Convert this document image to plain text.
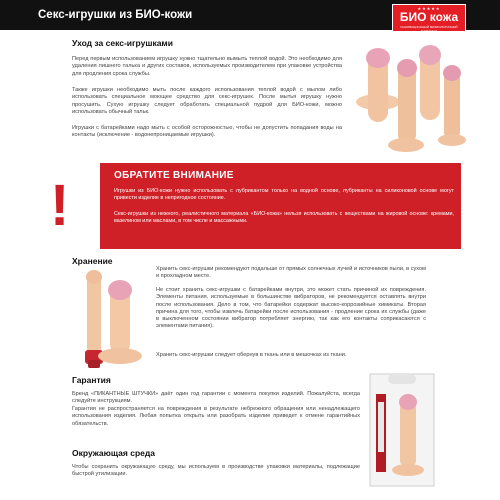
Секс-игрушки из БИО-кожи
★★★★★
БИО кожа
ИННОВАЦИОННЫЙ ФИЗИОЛОГИЧНЫЙ МАТЕРИАЛ
Уход за секс-игрушками
Перед первым использованием игрушку нужно тщательно вымыть теплой водой. Это необходимо для удаления лишнего талька и других составов, используемых производителем при упаковке устройства для продления срока службы.
Также игрушки необходимо мыть после каждого использования теплой водой с мылом либо использовать специальное моющее средство для секс-игрушек. После мытья игрушку нужно просушить. Сухую игрушку следует обработать специальной пудрой для БИО-кожи, можно использовать обычный тальк.
Игрушки с батарейками надо мыть с особой осторожностью, чтобы не допустить попадания воды на контакты (исключение - водонепроницаемые игрушки).
!	ОБРАТИТЕ ВНИМАНИЕ
Игрушки из БИО-кожи нужно использовать с лубрикантом только на водной основе, лубриканты на силиконовой основе могут привести изделие в непригодное состояние.
Секс-игрушки из нежного, реалистичного материала «БИО-кожа» нельзя использовать с веществами на жировой основе: кремами, вазелином или маслами, в том числе и массажными.
Хранение
Хранить секс-игрушки рекомендуют подальше от прямых солнечных лучей и источников пыли, в сухом и прохладном месте.
Не стоит хранить секс-игрушки с батарейками внутри, это может стать причиной их повреждения. Элементы питания, используемые в большинстве вибраторов, не рекомендуется оставлять внутри после использования. Дело в том, что батарейки содержат высоко-коррозийные химикаты. Вторая причина для того, чтобы извлечь батарейки после использования - продление срока их службы (даже в выключенном состоянии вибратор потребляет энергию, так как его контакты соприкасаются с элементами питания).
Хранить секс-игрушки следует обернув в ткань или в мешочках из ткани.
Гарантия
Бренд «ПИКАНТНЫЕ ШТУЧКИ» даёт один год гарантии с момента покупки изделий. Пожалуйста, всегда следуйте инструкциям.
Гарантия не распространяется на повреждения в результате небрежного обращения или ненадлежащего использования изделия. Любая попытка открыть или разобрать изделие приведет к отмене гарантийных обязательств.
Окружающая среда
Чтобы сохранить окружающую среду, мы используем в производстве упаковки материалы, подлежащие быстрой утилизации.
